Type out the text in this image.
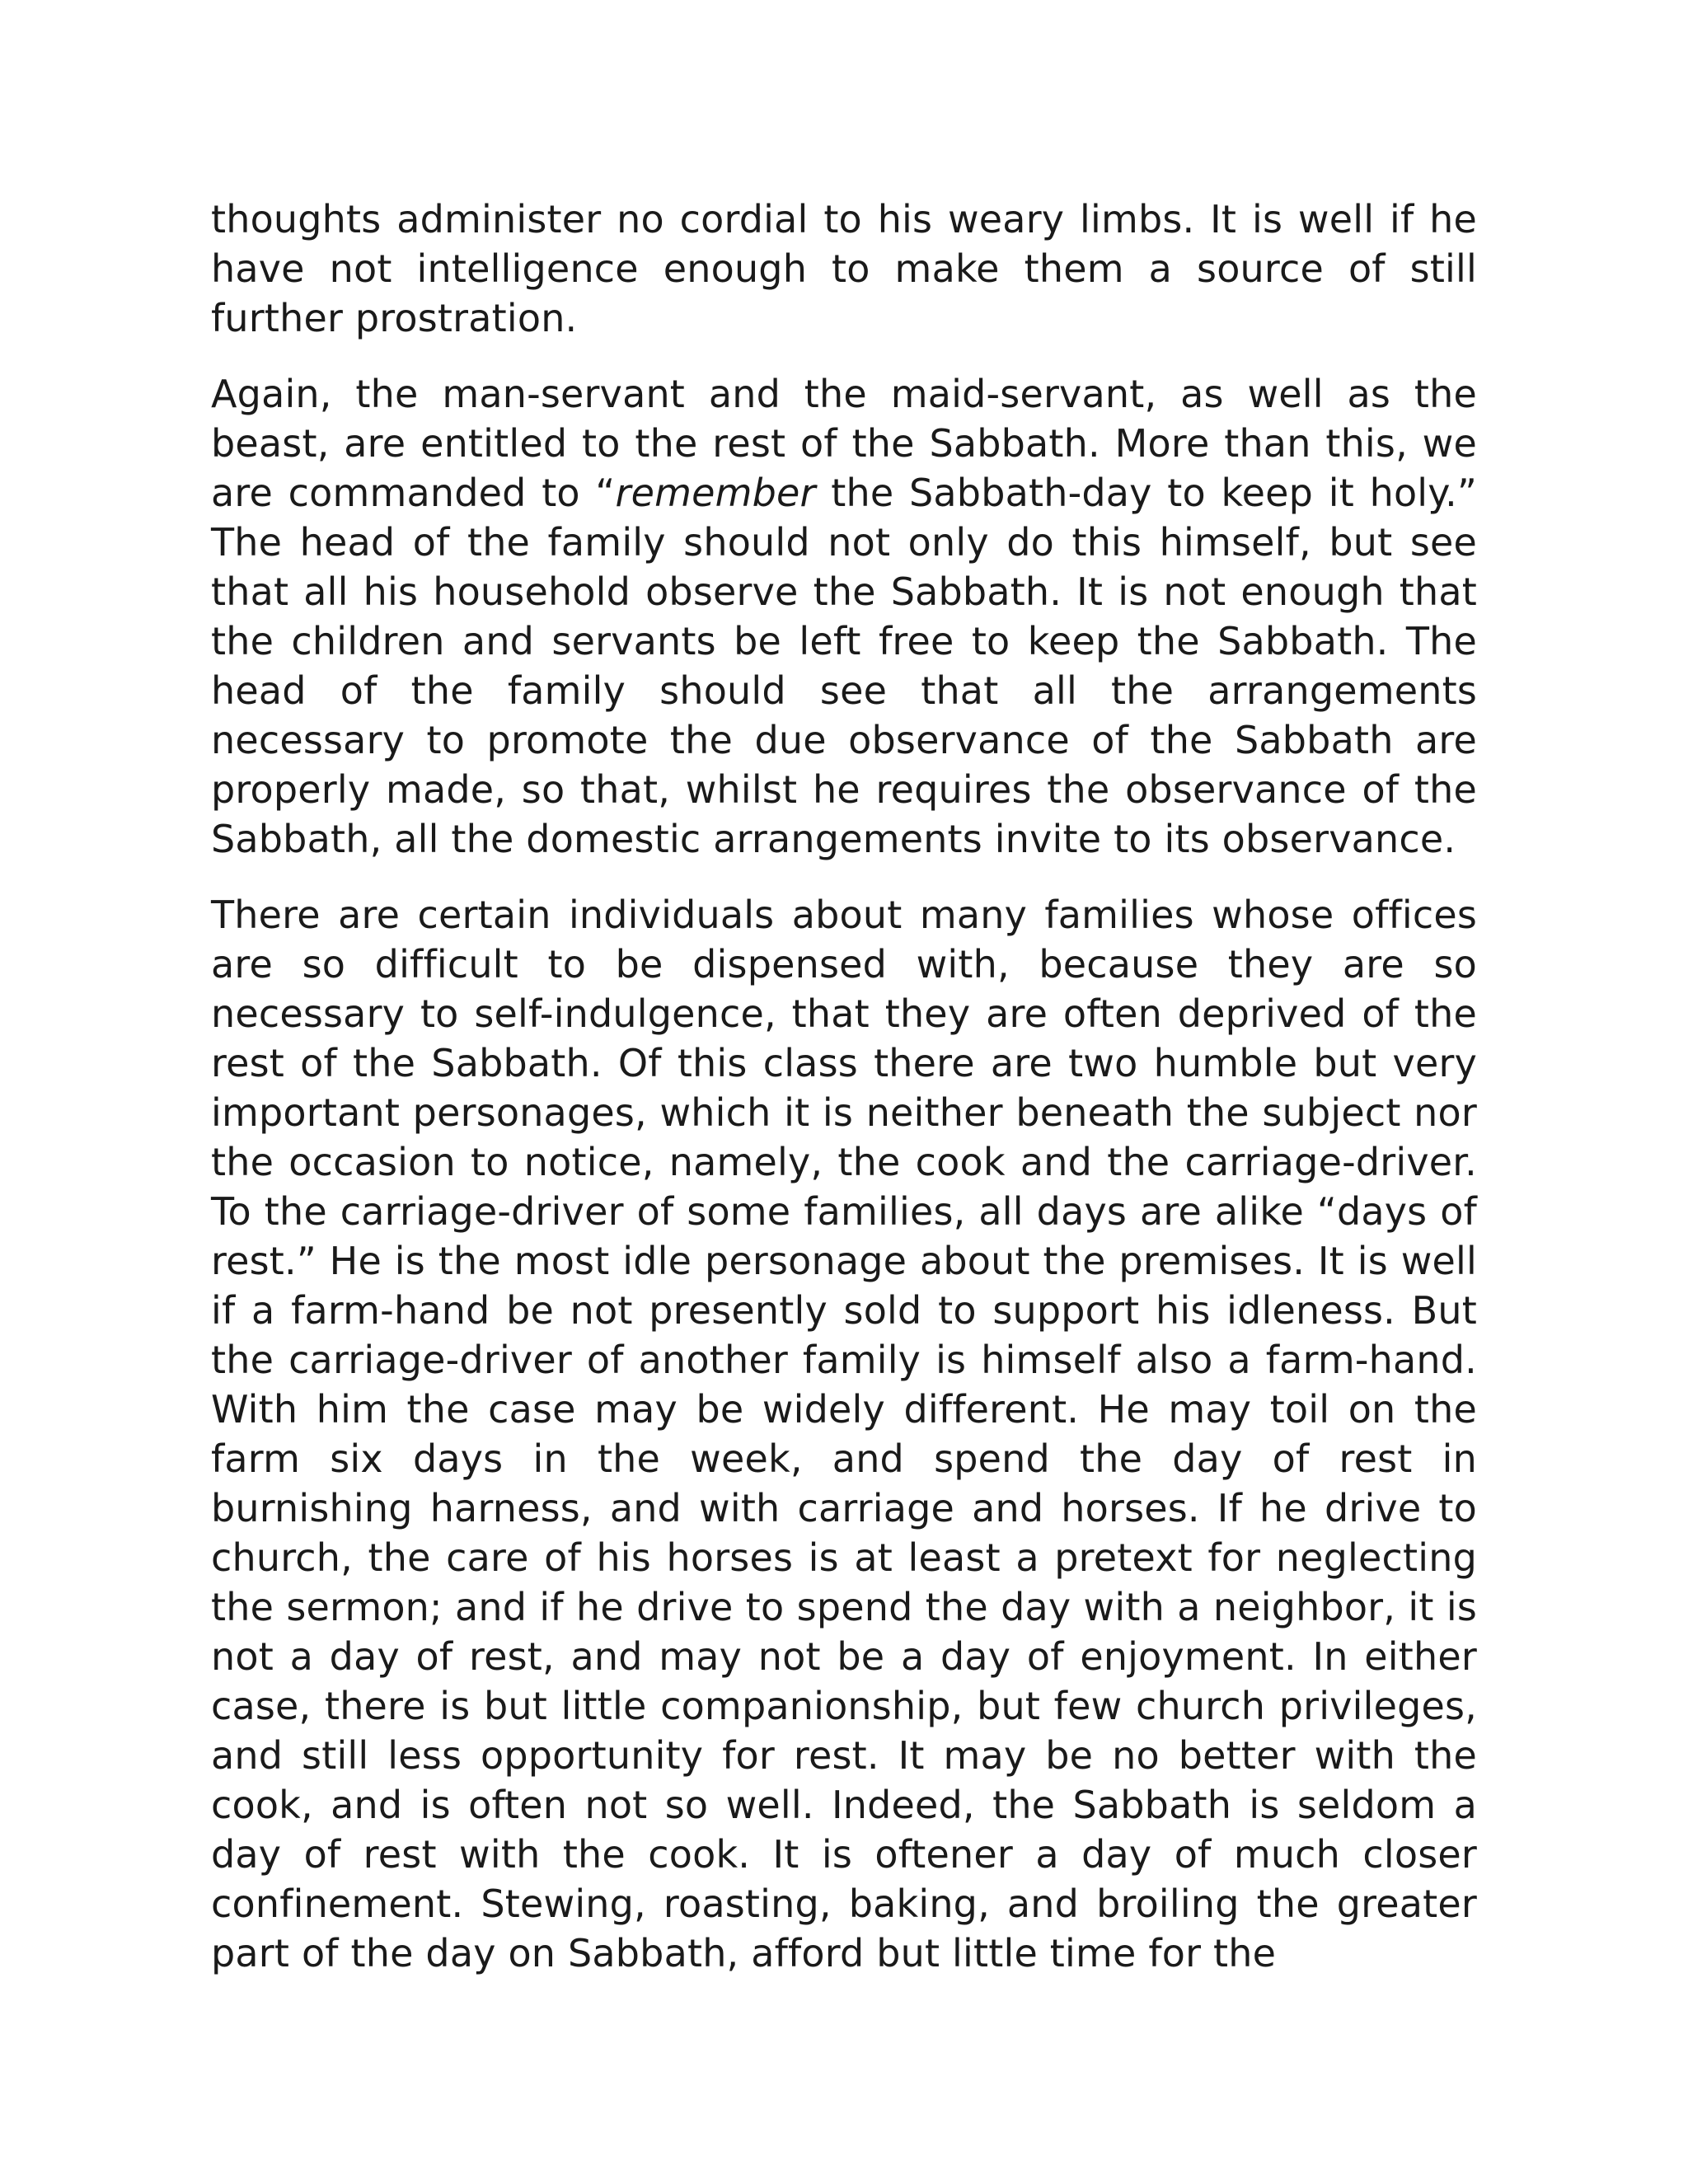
thoughts administer no cordial to his weary limbs. It is well if he have not intelligence enough to make them a source of still further prostration.

Again, the man-servant and the maid-servant, as well as the beast, are entitled to the rest of the Sabbath. More than this, we are commanded to “remember the Sabbath-day to keep it holy.” The head of the family should not only do this himself, but see that all his household observe the Sabbath. It is not enough that the children and servants be left free to keep the Sabbath. The head of the family should see that all the arrangements necessary to promote the due observance of the Sabbath are properly made, so that, whilst he requires the observance of the Sabbath, all the domestic arrangements invite to its observance.

There are certain individuals about many families whose offices are so difficult to be dispensed with, because they are so necessary to self-indulgence, that they are often deprived of the rest of the Sabbath. Of this class there are two humble but very important personages, which it is neither beneath the subject nor the occasion to notice, namely, the cook and the carriage-driver. To the carriage-driver of some families, all days are alike “days of rest.” He is the most idle personage about the premises. It is well if a farm-hand be not presently sold to support his idleness. But the carriage-driver of another family is himself also a farm-hand. With him the case may be widely different. He may toil on the farm six days in the week, and spend the day of rest in burnishing harness, and with carriage and horses. If he drive to church, the care of his horses is at least a pretext for neglecting the sermon; and if he drive to spend the day with a neighbor, it is not a day of rest, and may not be a day of enjoyment. In either case, there is but little companionship, but few church privileges, and still less opportunity for rest. It may be no better with the cook, and is often not so well. Indeed, the Sabbath is seldom a day of rest with the cook. It is oftener a day of much closer confinement. Stewing, roasting, baking, and broiling the greater part of the day on Sabbath, afford but little time for the
